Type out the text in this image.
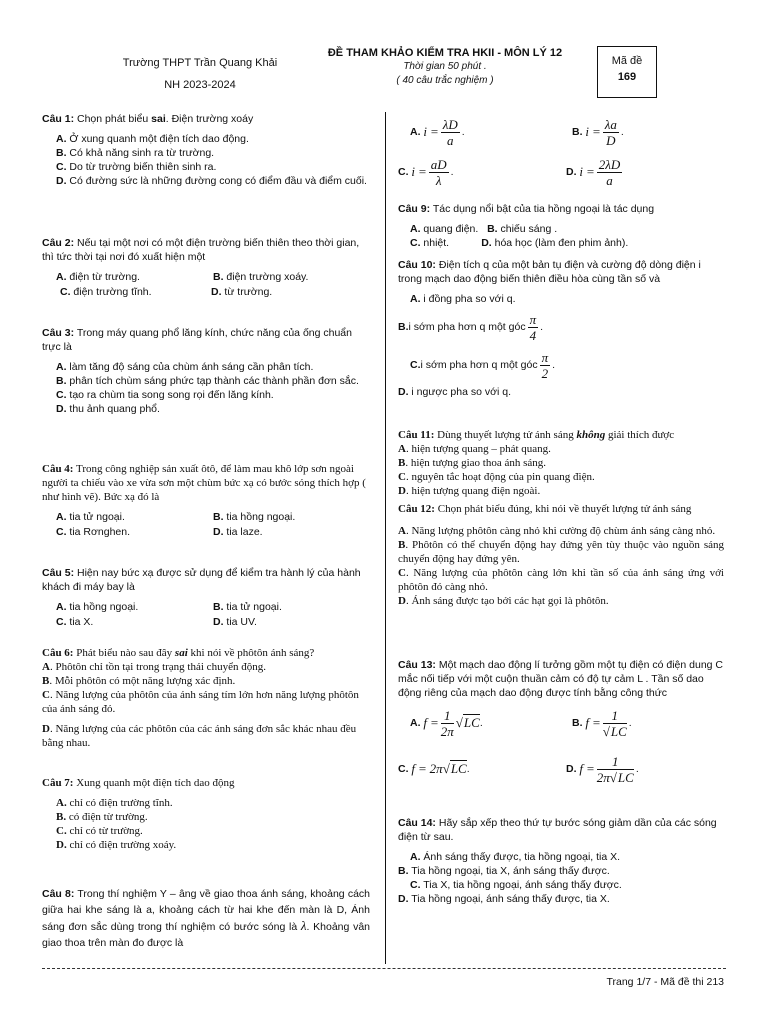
Trường THPT Trần Quang Khải
NH 2023-2024
ĐỀ THAM KHẢO KIỂM TRA HKII - MÔN LÝ 12
Thời gian 50 phút .
( 40 câu trắc nghiệm )
Mã đề
169
Câu 1: Chọn phát biểu sai. Điện trường xoáy
A. Ở xung quanh một điện tích dao động.
B. Có khả năng sinh ra từ trường.
C. Do từ trường biến thiên sinh ra.
D. Có đường sức là những đường cong có điểm đầu và điểm cuối.
Câu 2: Nếu tại một nơi có một điện trường biến thiên theo thời gian, thì tức thời tại nơi đó xuất hiện một
A. điện từ trường.	B. điện trường xoáy.
C. điện trường tĩnh.	D. từ trường.
Câu 3: Trong máy quang phổ lăng kính, chức năng của ống chuẩn trực là
A. làm tăng độ sáng của chùm ánh sáng cần phân tích.
B. phân tích chùm sáng phức tạp thành các thành phần đơn sắc.
C. tạo ra chùm tia song song rọi đến lăng kính.
D. thu ảnh quang phổ.
Câu 4: Trong công nghiệp sản xuất ôtô, để làm mau khô lớp sơn ngoài người ta chiếu vào xe vừa sơn một chùm bức xạ có bước sóng thích hợp ( như hình vẽ). Bức xạ đó là
A. tia tử ngoại.	B. tia hồng ngoại.
C. tia Rơnghen.	D. tia laze.
Câu 5: Hiện nay bức xạ được sử dụng để kiểm tra hành lý của hành khách đi máy bay là
A. tia hồng ngoại.	B. tia tử ngoại.
C. tia X.	D. tia UV.
Câu 6: Phát biểu nào sau đây sai khi nói về phôtôn ánh sáng?
A. Phôtôn chỉ tồn tại trong trạng thái chuyển động.
B. Mỗi phôtôn có một năng lượng xác định.
C. Năng lượng của phôtôn của ánh sáng tím lớn hơn năng lượng phôtôn của ánh sáng đỏ.
D. Năng lượng của các phôtôn của các ánh sáng đơn sắc khác nhau đều bằng nhau.
Câu 7: Xung quanh một điện tích dao động
A. chỉ có điện trường tĩnh.
B. có điện từ trường.
C. chỉ có từ trường.
D. chỉ có điện trường xoáy.
Câu 8: Trong thí nghiệm Y – âng về giao thoa ánh sáng, khoảng cách giữa hai khe sáng là a, khoảng cách từ hai khe đến màn là D, Ánh sáng đơn sắc dùng trong thí nghiệm có bước sóng là λ. Khoảng vân giao thoa trên màn đo được là
A.
i
= $\frac{\lambda D}{a}$ .	B.
i
= $\frac{\lambda a}{D}$ .
C.
i
= $\frac{aD}{\lambda}$ .	D.
i
= $\frac{2\lambda D}{a}$
Câu 9: Tác dụng nổi bật của tia hồng ngoại là tác dụng
A. quang điện. B. chiếu sáng .
C. nhiệt.	D. hóa học (làm đen phim ảnh).
Câu 10: Điện tích q của một bản tụ điện và cường độ dòng điện i trong mạch dao động biến thiên điều hòa cùng tần số và
A. i đồng pha so với q.
B. i sớm pha hơn q một góc $\frac{\pi}{4}$ .
C. i sớm pha hơn q một góc $\frac{\pi}{2}$ .
D. i ngược pha so với q.
Câu 11: Dùng thuyết lượng tử ánh sáng không giải thích được
A. hiện tượng quang – phát quang.
B. hiện tượng giao thoa ánh sáng.
C. nguyên tắc hoạt động của pin quang điện.
D. hiện tượng quang điện ngoài.
Câu 12: Chọn phát biểu đúng, khi nói về thuyết lượng tử ánh sáng
A. Năng lượng phôtôn càng nhỏ khi cường độ chùm ánh sáng càng nhỏ.
B. Phôtôn có thể chuyển động hay đứng yên tùy thuộc vào nguồn sáng chuyển động hay đứng yên.
C. Năng lượng của phôtôn càng lớn khi tần số của ánh sáng ứng với phôtôn đó càng nhỏ.
D. Ánh sáng được tạo bởi các hạt gọi là phôtôn.
Câu 13: Một mạch dao động lí tưởng gồm một tụ điện có điện dung C mắc nối tiếp với một cuộn thuần cảm có độ tự cảm L . Tần số dao động riêng của mạch dao động được tính bằng công thức
A.
f
= $\frac{1}{2\pi} √LC$ .	B.
f
= $\frac{1}{√LC}$ .
C.
f
=
2π √LC .	D.
f
= $\frac{1}{2\pi√LC}$ .
Câu 14: Hãy sắp xếp theo thứ tự bước sóng giảm dần của các sóng điện từ sau.
A. Ánh sáng thấy được, tia hồng ngoại, tia X.
B. Tia hồng ngoại, tia X, ánh sáng thấy được.
C. Tia X, tia hồng ngoại, ánh sáng thấy được.
D. Tia hồng ngoại, ánh sáng thấy được, tia X.
Trang 1/7 - Mã đề thi 213
